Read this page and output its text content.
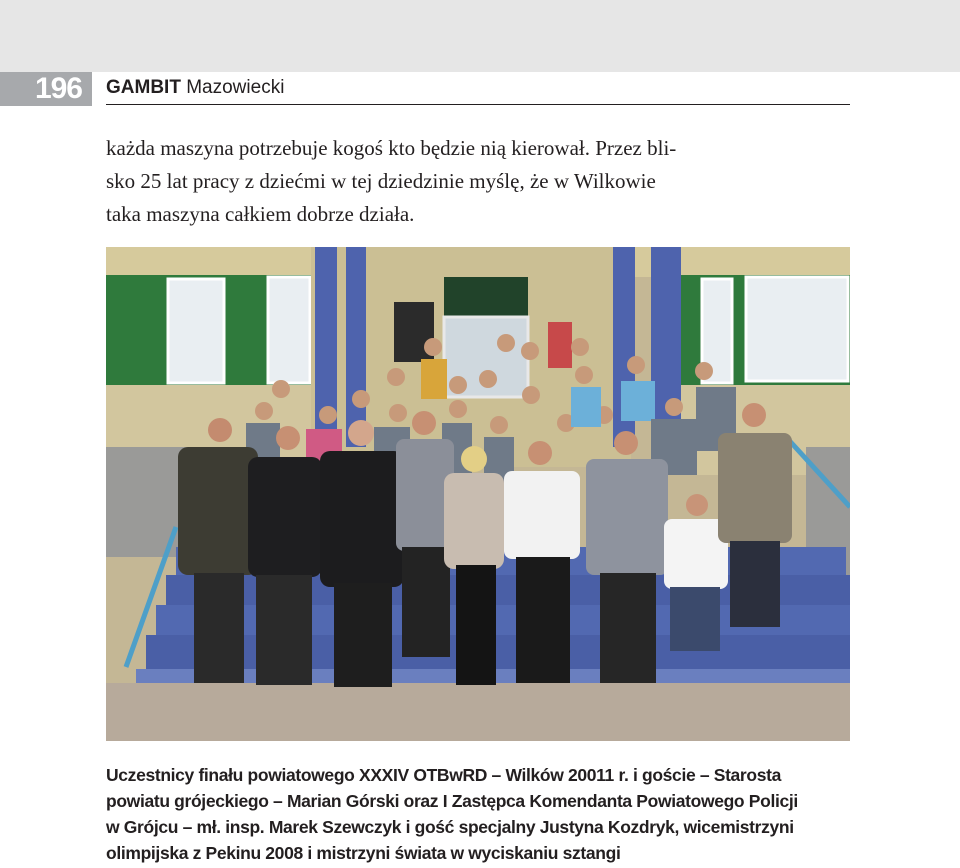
196	GAMBIT Mazowiecki

każda maszyna potrzebuje kogoś kto będzie nią kierował. Przez bli-
sko 25 lat pracy z dziećmi w tej dziedzinie myślę, że w Wilkowie
taka maszyna całkiem dobrze działa.

Uczestnicy finału powiatowego XXXIV OTBwRD – Wilków 20011 r. i goście – Starosta
powiatu grójeckiego – Marian Górski oraz I Zastępca Komendanta Powiatowego Policji
w Grójcu – mł. insp. Marek Szewczyk i gość specjalny Justyna Kozdryk, wicemistrzyni
olimpijska z Pekinu 2008 i mistrzyni świata w wyciskaniu sztangi
